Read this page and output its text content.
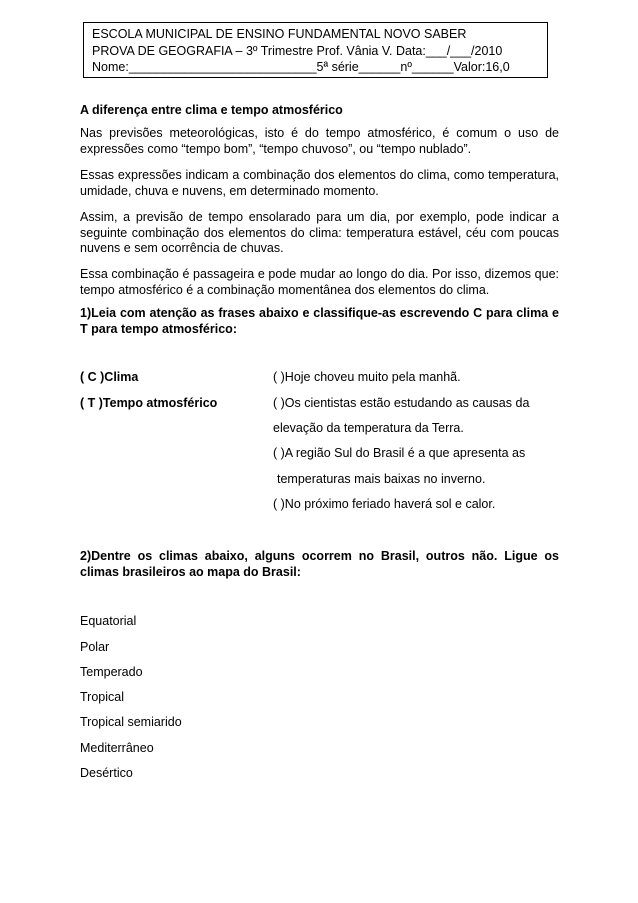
ESCOLA MUNICIPAL DE ENSINO FUNDAMENTAL NOVO SABER
PROVA DE GEOGRAFIA – 3º Trimestre Prof. Vânia V. Data:___/___/2010
Nome:___________________________5ª série______nº______Valor:16,0
A diferença entre clima e tempo atmosférico
Nas previsões meteorológicas, isto é do tempo atmosférico, é comum o uso de expressões como “tempo bom”, “tempo chuvoso”, ou “tempo nublado”.
Essas expressões indicam a combinação dos elementos do clima, como temperatura, umidade, chuva e nuvens, em determinado momento.
Assim, a previsão de tempo ensolarado para um dia, por exemplo, pode indicar a seguinte combinação dos elementos do clima: temperatura estável, céu com poucas nuvens e sem ocorrência de chuvas.
Essa combinação é passageira e pode mudar ao longo do dia. Por isso, dizemos que: tempo atmosférico é a combinação momentânea dos elementos do clima.
1)Leia com atenção as frases abaixo e classifique-as escrevendo C para clima e T para tempo atmosférico:
( C )Clima
( T )Tempo atmosférico
( )Hoje choveu muito pela manhã.
( )Os cientistas estão estudando as causas da
elevação da temperatura da Terra.
( )A região Sul do Brasil é a que apresenta as
temperaturas mais baixas no inverno.
( )No próximo feriado haverá sol e calor.
2)Dentre os climas abaixo, alguns ocorrem no Brasil, outros não. Ligue os climas brasileiros ao mapa do Brasil:
Equatorial
Polar
Temperado
Tropical
Tropical semiarido
Mediterrâneo
Desértico
